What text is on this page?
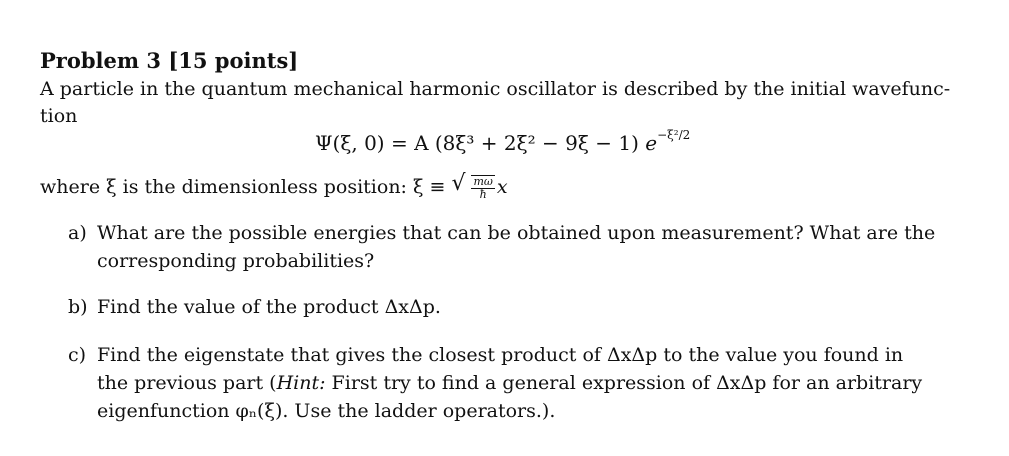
Problem 3 [15 points]
A particle in the quantum mechanical harmonic oscillator is described by the initial wavefunc-
tion
Ψ(ξ, 0) = A (8ξ³ + 2ξ² − 9ξ − 1) $e^{-\xi^2/2}$
where ξ is the dimensionless position: ξ ≡ √ $\frac{m\omega}{ħ}$ x
a) What are the possible energies that can be obtained upon measurement? What are the
corresponding probabilities?
b) Find the value of the product ΔxΔp.
c) Find the eigenstate that gives the closest product of ΔxΔp to the value you found in
the previous part (Hint: First try to find a general expression of ΔxΔp for an arbitrary
eigenfunction φₙ(ξ). Use the ladder operators.).
